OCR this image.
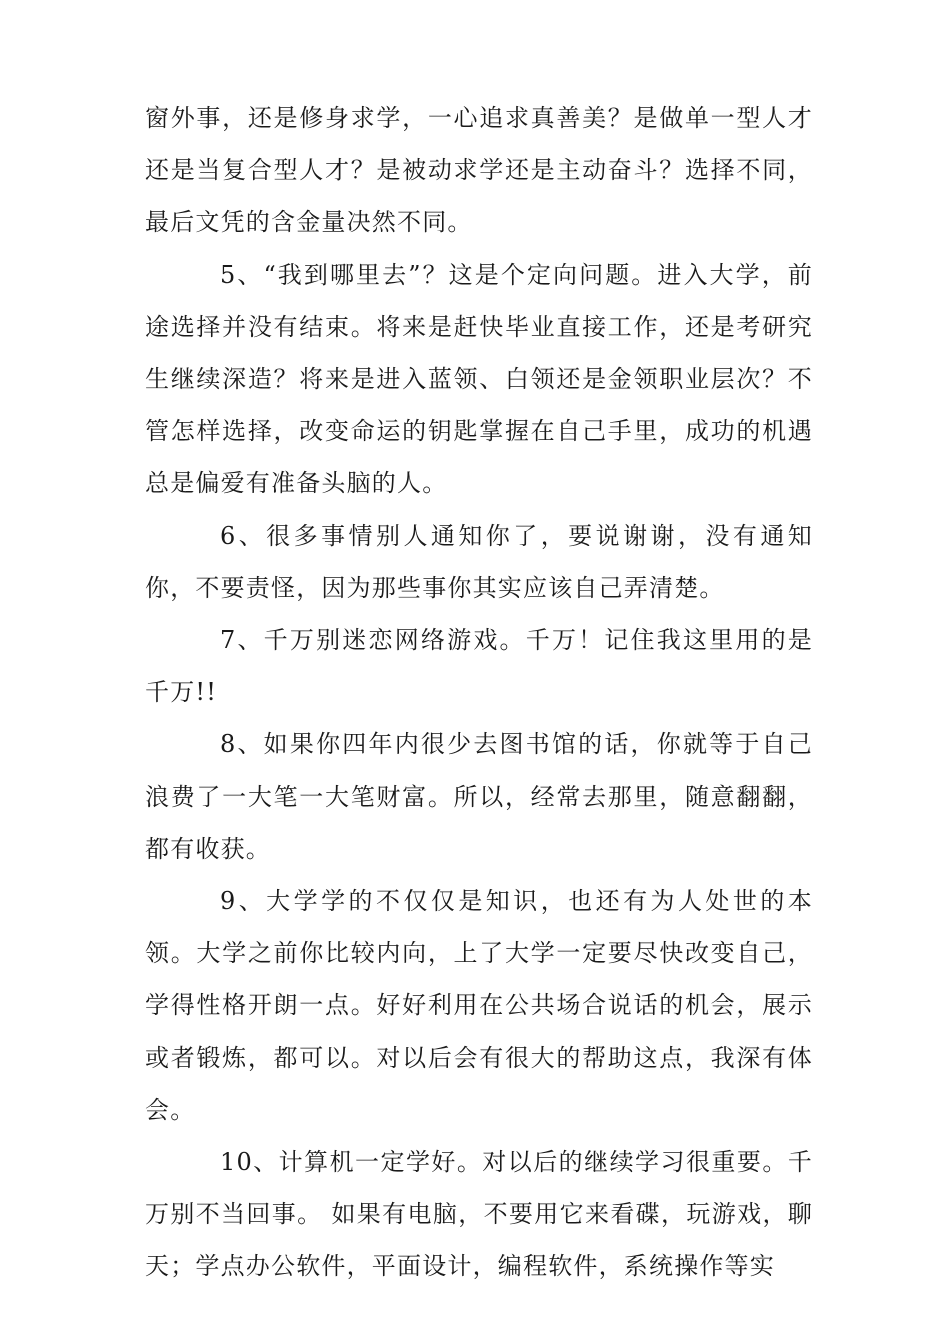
窗外事，还是修身求学，一心追求真善美？是做单一型人才还是当复合型人才？是被动求学还是主动奋斗？选择不同，最后文凭的含金量决然不同。

5、“我到哪里去”？这是个定向问题。进入大学，前途选择并没有结束。将来是赶快毕业直接工作，还是考研究生继续深造？将来是进入蓝领、白领还是金领职业层次？不管怎样选择，改变命运的钥匙掌握在自己手里，成功的机遇总是偏爱有准备头脑的人。

6、很多事情别人通知你了，要说谢谢，没有通知你，不要责怪，因为那些事你其实应该自己弄清楚。

7、千万别迷恋网络游戏。千万！记住我这里用的是千万!!

8、如果你四年内很少去图书馆的话，你就等于自己浪费了一大笔一大笔财富。所以，经常去那里，随意翻翻，都有收获。

9、大学学的不仅仅是知识，也还有为人处世的本领。大学之前你比较内向，上了大学一定要尽快改变自己，学得性格开朗一点。好好利用在公共场合说话的机会，展示或者锻炼，都可以。对以后会有很大的帮助这点，我深有体会。

10、计算机一定学好。对以后的继续学习很重要。千万别不当回事。 如果有电脑，不要用它来看碟，玩游戏，聊天；学点办公软件，平面设计，编程软件，系统操作等实
